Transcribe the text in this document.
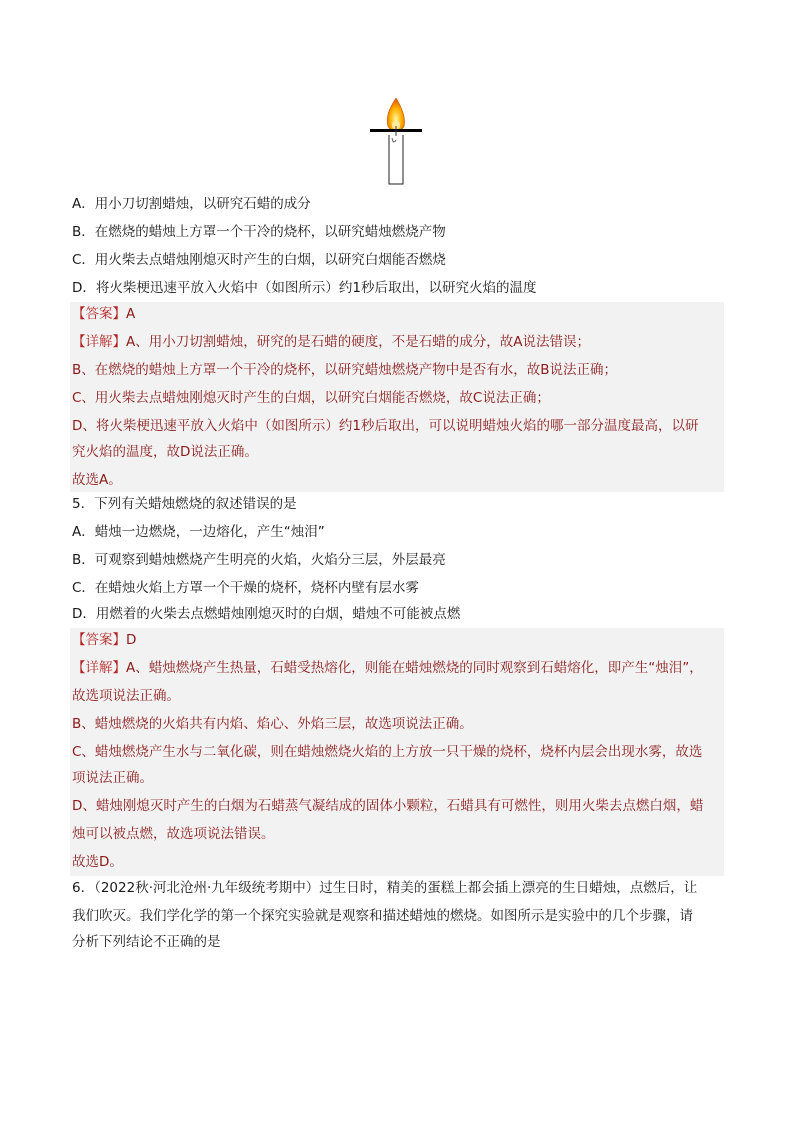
A．用小刀切割蜡烛，以研究石蜡的成分
B．在燃烧的蜡烛上方罩一个干冷的烧杯，以研究蜡烛燃烧产物
C．用火柴去点蜡烛刚熄灭时产生的白烟，以研究白烟能否燃烧
D．将火柴梗迅速平放入火焰中（如图所示）约1秒后取出，以研究火焰的温度
【答案】A
【详解】A、用小刀切割蜡烛，研究的是石蜡的硬度，不是石蜡的成分，故A说法错误；
B、在燃烧的蜡烛上方罩一个干冷的烧杯，以研究蜡烛燃烧产物中是否有水，故B说法正确；
C、用火柴去点蜡烛刚熄灭时产生的白烟，以研究白烟能否燃烧，故C说法正确；
D、将火柴梗迅速平放入火焰中（如图所示）约1秒后取出，可以说明蜡烛火焰的哪一部分温度最高，以研
究火焰的温度，故D说法正确。
故选A。
5．下列有关蜡烛燃烧的叙述错误的是
A．蜡烛一边燃烧，一边熔化，产生“烛泪”
B．可观察到蜡烛燃烧产生明亮的火焰，火焰分三层，外层最亮
C．在蜡烛火焰上方罩一个干燥的烧杯，烧杯内壁有层水雾
D．用燃着的火柴去点燃蜡烛刚熄灭时的白烟，蜡烛不可能被点燃
【答案】D
【详解】A、蜡烛燃烧产生热量，石蜡受热熔化，则能在蜡烛燃烧的同时观察到石蜡熔化，即产生“烛泪”，
故选项说法正确。
B、蜡烛燃烧的火焰共有内焰、焰心、外焰三层，故选项说法正确。
C、蜡烛燃烧产生水与二氧化碳，则在蜡烛燃烧火焰的上方放一只干燥的烧杯，烧杯内层会出现水雾，故选
项说法正确。
D、蜡烛刚熄灭时产生的白烟为石蜡蒸气凝结成的固体小颗粒，石蜡具有可燃性，则用火柴去点燃白烟，蜡
烛可以被点燃，故选项说法错误。
故选D。
6．（2022秋·河北沧州·九年级统考期中）过生日时，精美的蛋糕上都会插上漂亮的生日蜡烛，点燃后，让
我们吹灭。我们学化学的第一个探究实验就是观察和描述蜡烛的燃烧。如图所示是实验中的几个步骤，请
分析下列结论不正确的是
